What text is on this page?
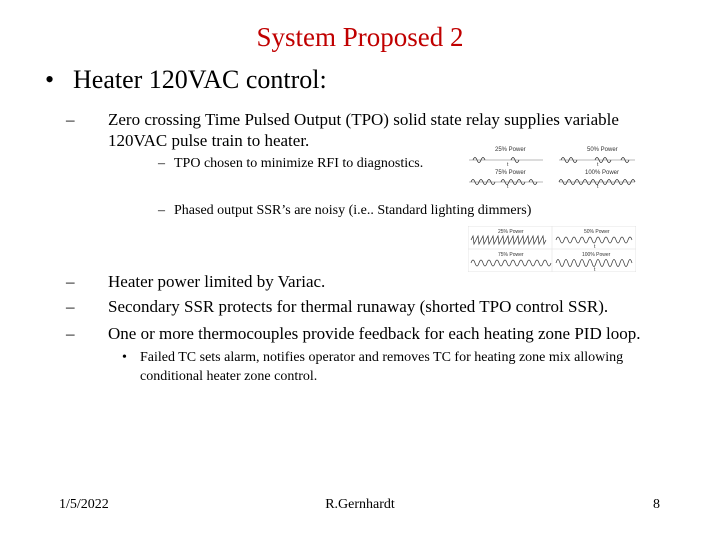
System Proposed 2
• Heater 120VAC control:
– Zero crossing Time Pulsed Output (TPO) solid state relay supplies variable 120VAC pulse train to heater.
– TPO chosen to minimize RFI to diagnostics.
25% Power
t
50% Power
t
75% Power
t
100% Power
t
– Phased output SSR’s are noisy (i.e.. Standard lighting dimmers)
25% Power	50% Power
t
75% Power	100% Power
t
– Heater power limited by Variac.
– Secondary SSR protects for thermal runaway (shorted TPO control SSR).
– One or more thermocouples provide feedback for each heating zone PID loop.
• Failed TC sets alarm, notifies operator and removes TC for heating zone mix allowing conditional heater zone control.
1/5/2022	R.Gernhardt	8
